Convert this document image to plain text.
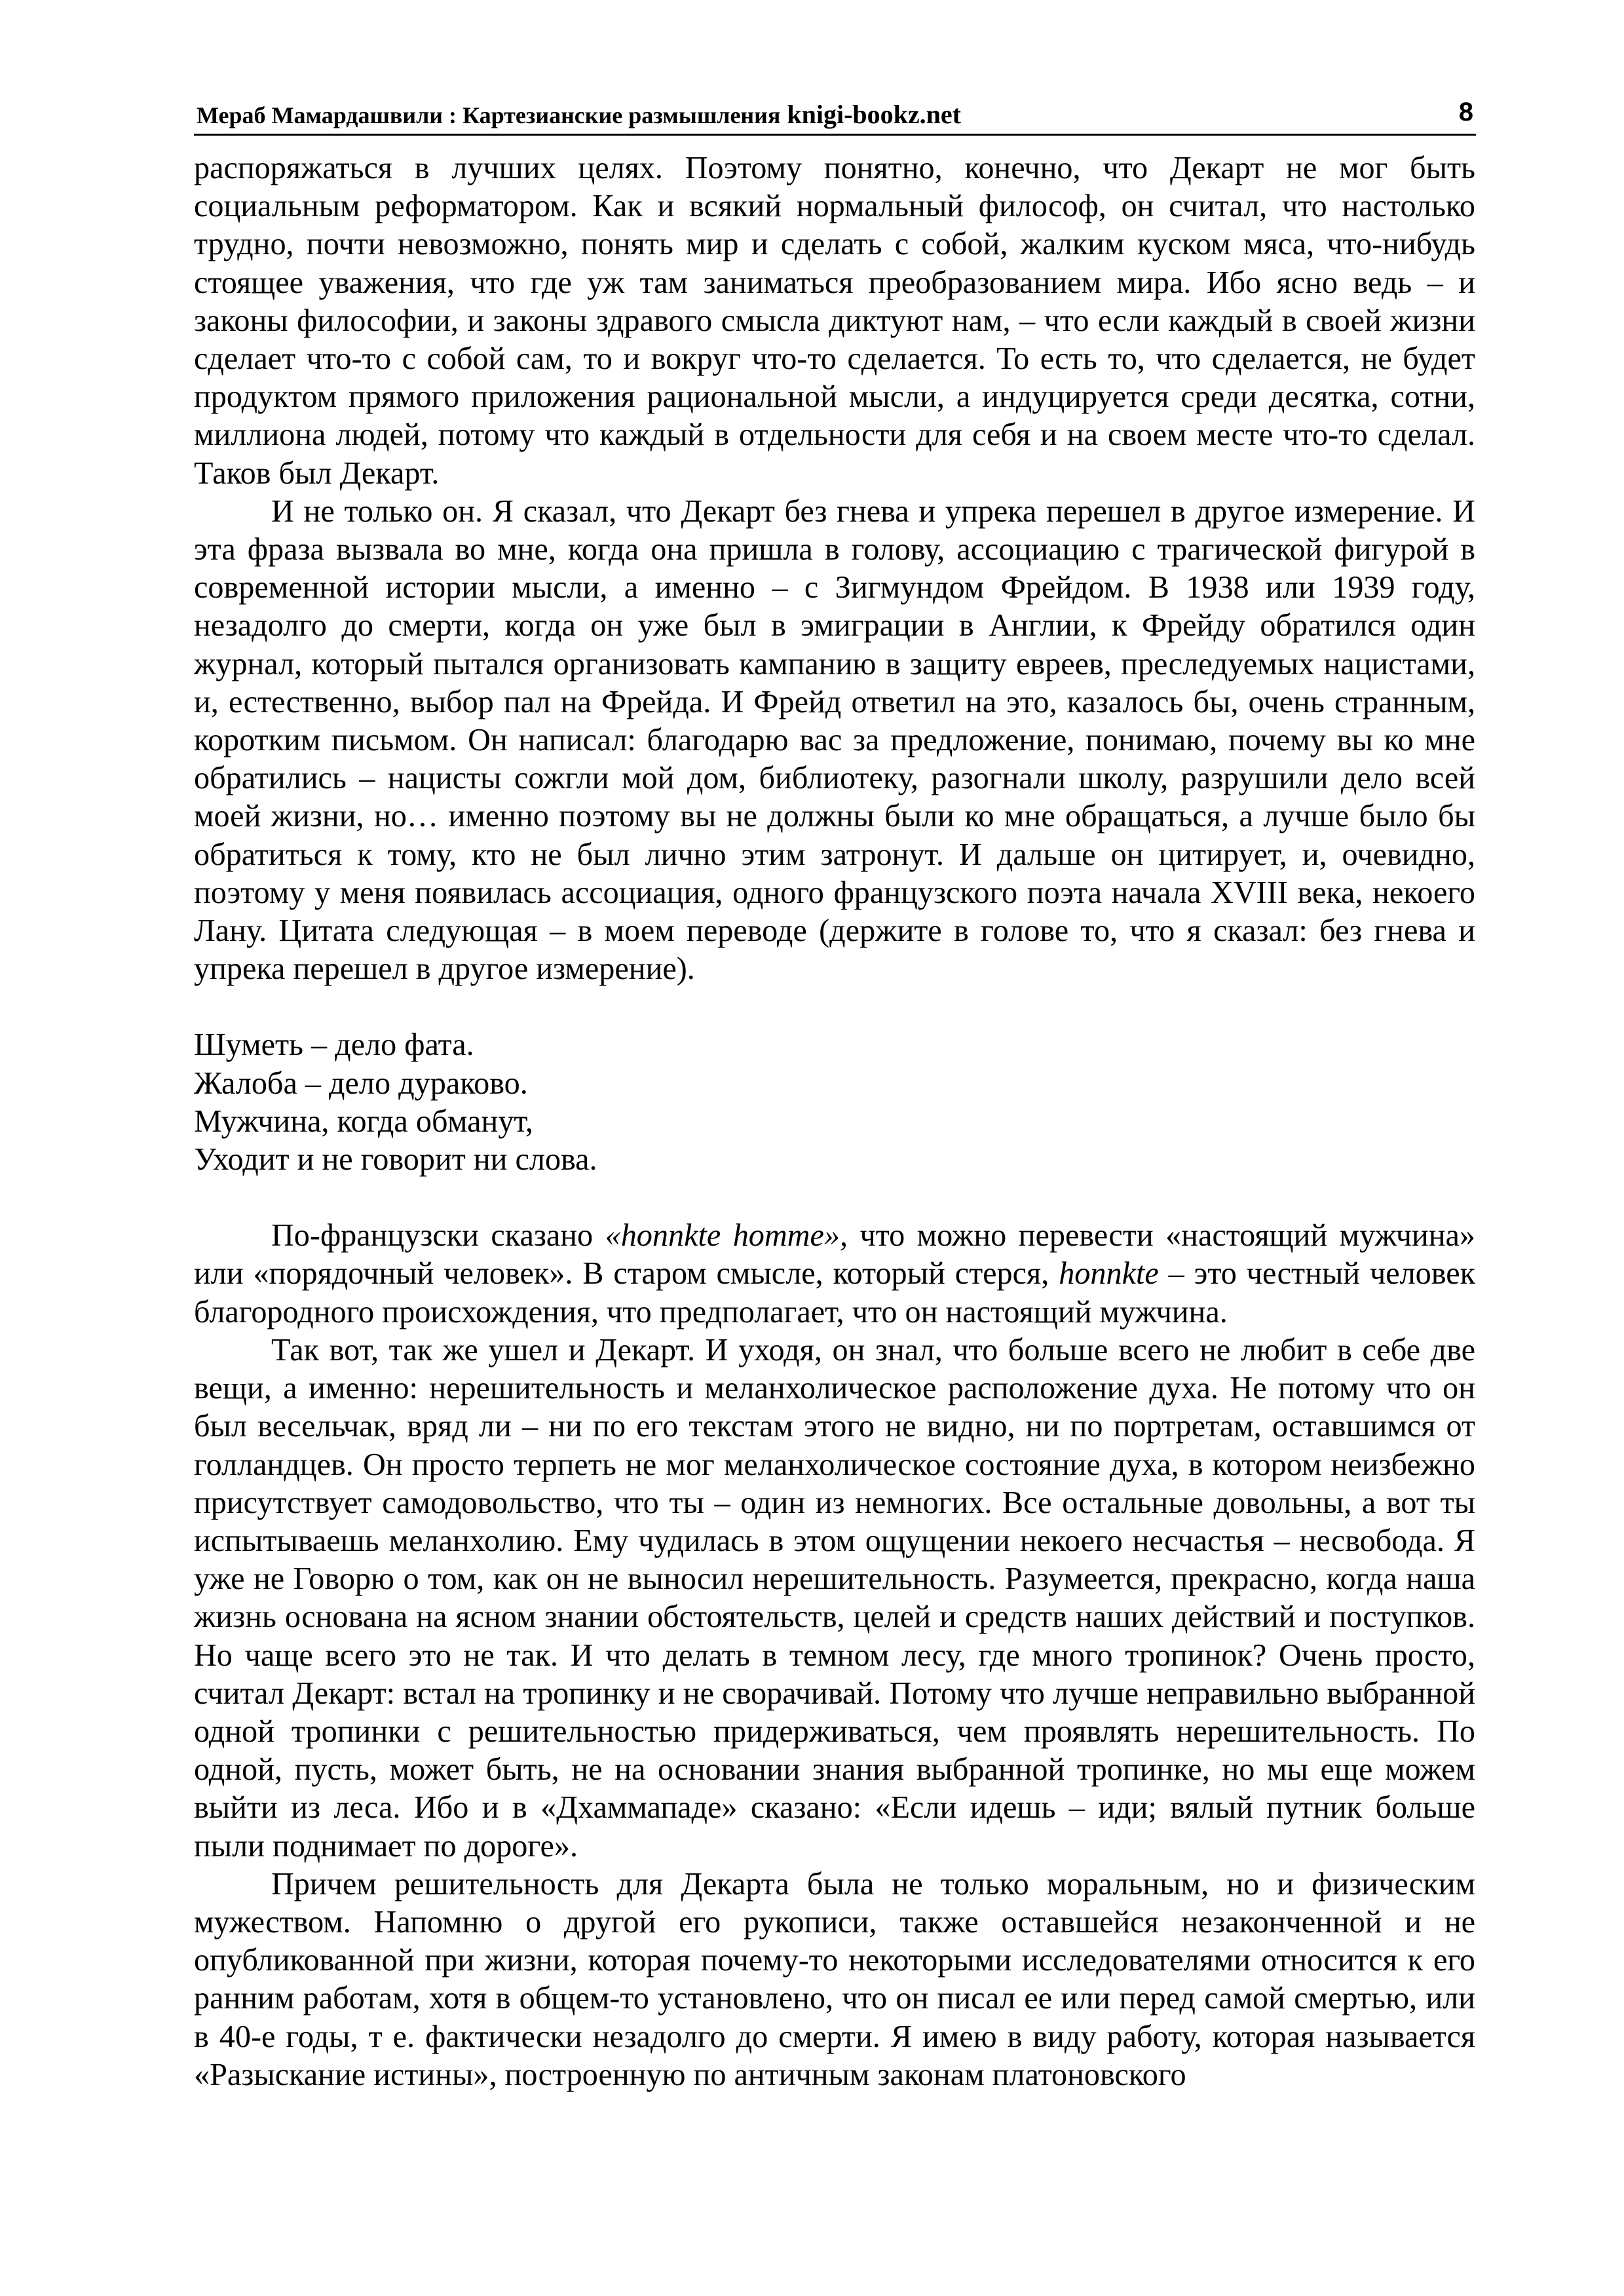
Мераб Мамардашвили : Картезианские размышления knigi-bookz.net	8

распоряжаться в лучших целях. Поэтому понятно, конечно, что Декарт не мог быть социальным реформатором. Как и всякий нормальный философ, он считал, что настолько трудно, почти невозможно, понять мир и сделать с собой, жалким куском мяса, что-нибудь стоящее уважения, что где уж там заниматься преобразованием мира. Ибо ясно ведь – и законы философии, и законы здравого смысла диктуют нам, – что если каждый в своей жизни сделает что-то с собой сам, то и вокруг что-то сделается. То есть то, что сделается, не будет продуктом прямого приложения рациональной мысли, а индуцируется среди десятка, сотни, миллиона людей, потому что каждый в отдельности для себя и на своем месте что-то сделал. Таков был Декарт.

И не только он. Я сказал, что Декарт без гнева и упрека перешел в другое измерение. И эта фраза вызвала во мне, когда она пришла в голову, ассоциацию с трагической фигурой в современной истории мысли, а именно – с Зигмундом Фрейдом. В 1938 или 1939 году, незадолго до смерти, когда он уже был в эмиграции в Англии, к Фрейду обратился один журнал, который пытался организовать кампанию в защиту евреев, преследуемых нацистами, и, естественно, выбор пал на Фрейда. И Фрейд ответил на это, казалось бы, очень странным, коротким письмом. Он написал: благодарю вас за предложение, понимаю, почему вы ко мне обратились – нацисты сожгли мой дом, библиотеку, разогнали школу, разрушили дело всей моей жизни, но… именно поэтому вы не должны были ко мне обращаться, а лучше было бы обратиться к тому, кто не был лично этим затронут. И дальше он цитирует, и, очевидно, поэтому у меня появилась ассоциация, одного французского поэта начала XVIII века, некоего Лану. Цитата следующая – в моем переводе (держите в голове то, что я сказал: без гнева и упрека перешел в другое измерение).

Шуметь – дело фата.
Жалоба – дело дураково.
Мужчина, когда обманут,
Уходит и не говорит ни слова.

По-французски сказано «honnkte homme», что можно перевести «настоящий мужчина» или «порядочный человек». В старом смысле, который стерся, honnkte – это честный человек благородного происхождения, что предполагает, что он настоящий мужчина.

Так вот, так же ушел и Декарт. И уходя, он знал, что больше всего не любит в себе две вещи, а именно: нерешительность и меланхолическое расположение духа. Не потому что он был весельчак, вряд ли – ни по его текстам этого не видно, ни по портретам, оставшимся от голландцев. Он просто терпеть не мог меланхолическое состояние духа, в котором неизбежно присутствует самодовольство, что ты – один из немногих. Все остальные довольны, а вот ты испытываешь меланхолию. Ему чудилась в этом ощущении некоего несчастья – несвобода. Я уже не Говорю о том, как он не выносил нерешительность. Разумеется, прекрасно, когда наша жизнь основана на ясном знании обстоятельств, целей и средств наших действий и поступков. Но чаще всего это не так. И что делать в темном лесу, где много тропинок? Очень просто, считал Декарт: встал на тропинку и не сворачивай. Потому что лучше неправильно выбранной одной тропинки с решительностью придерживаться, чем проявлять нерешительность. По одной, пусть, может быть, не на основании знания выбранной тропинке, но мы еще можем выйти из леса. Ибо и в «Дхаммападе» сказано: «Если идешь – иди; вялый путник больше пыли поднимает по дороге».

Причем решительность для Декарта была не только моральным, но и физическим мужеством. Напомню о другой его рукописи, также оставшейся незаконченной и не опубликованной при жизни, которая почему-то некоторыми исследователями относится к его ранним работам, хотя в общем-то установлено, что он писал ее или перед самой смертью, или в 40-е годы, т е. фактически незадолго до смерти. Я имею в виду работу, которая называется «Разыскание истины», построенную по античным законам платоновского
